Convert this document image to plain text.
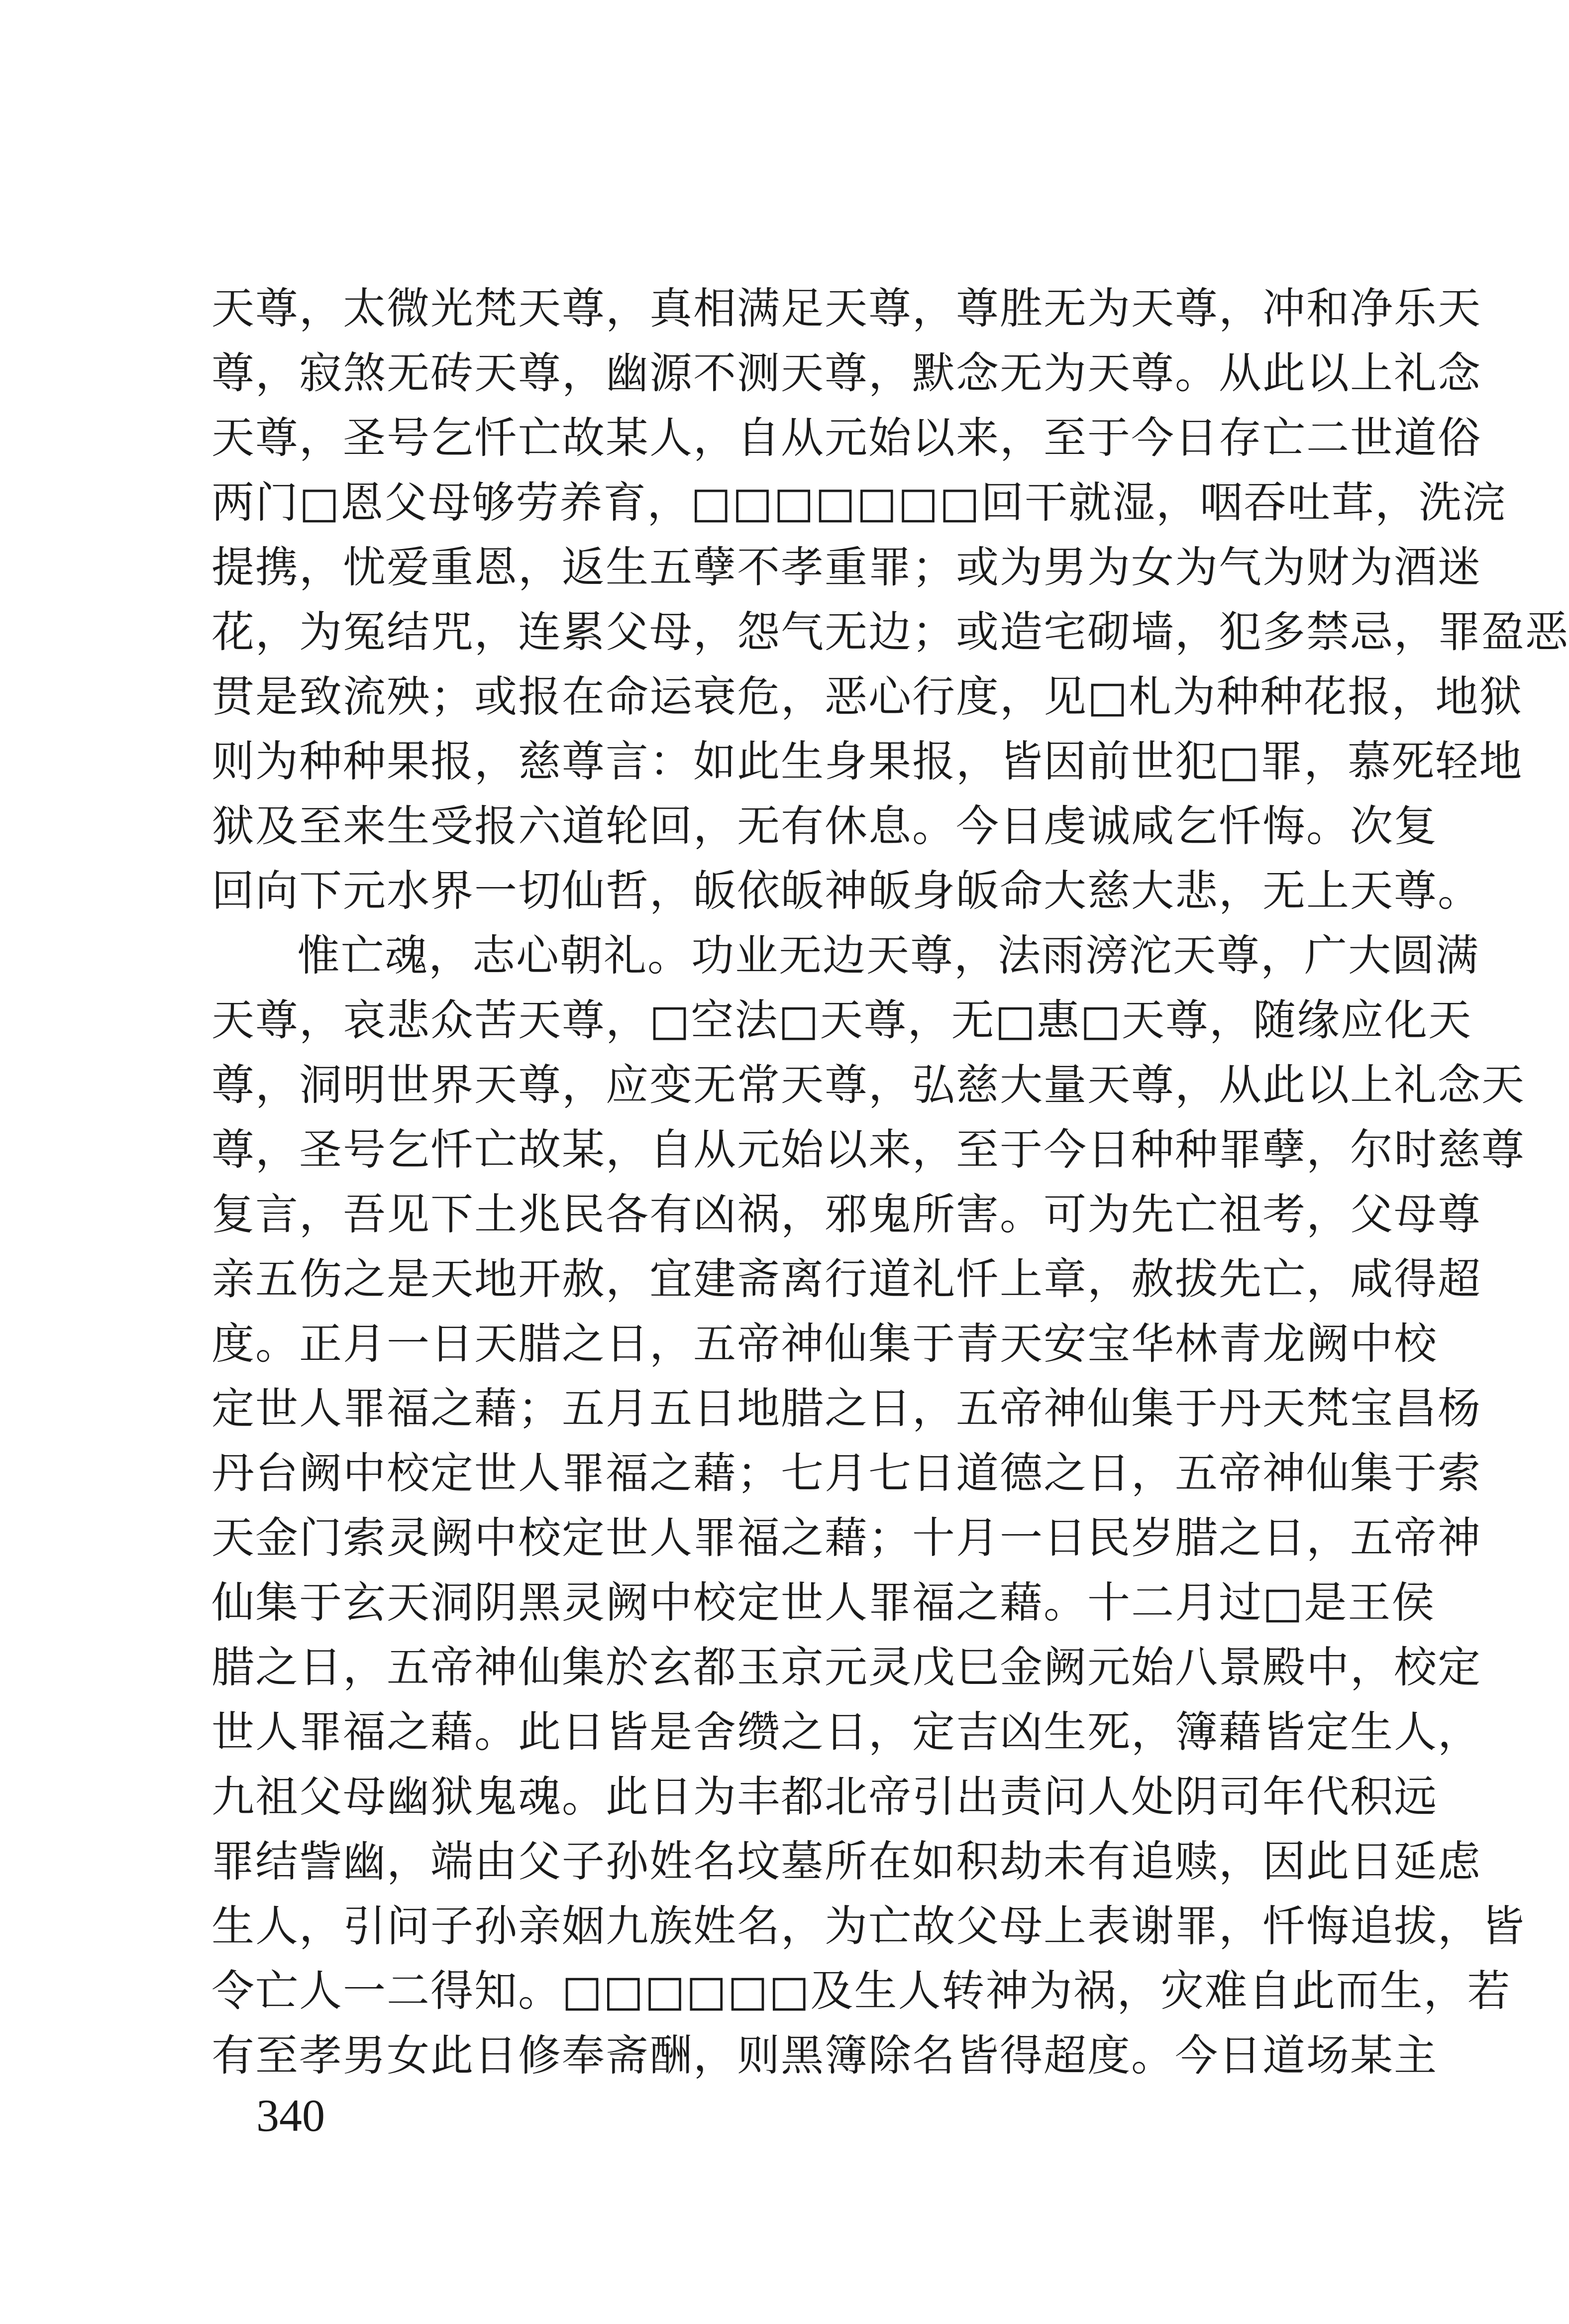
天尊，太微光梵天尊，真相满足天尊，尊胜无为天尊，冲和净乐天
尊，寂煞无砖天尊，幽源不测天尊，默念无为天尊。从此以上礼念
天尊，圣号乞忏亡故某人，自从元始以来，至于今日存亡二世道俗
两门□恩父母够劳养育，□□□□□□□回干就湿，咽吞吐茸，洗浣
提携，忧爱重恩，返生五孽不孝重罪；或为男为女为气为财为酒迷
花，为冤结咒，连累父母，怨气无边；或造宅砌墙，犯多禁忌，罪盈恶
贯是致流殃；或报在命运衰危，恶心行度，见□札为种种花报，地狱
则为种种果报，慈尊言：如此生身果报，皆因前世犯□罪，慕死轻地
狱及至来生受报六道轮回，无有休息。今日虔诚咸乞忏悔。次复
回向下元水界一切仙哲，皈依皈神皈身皈命大慈大悲，无上天尊。
惟亡魂，志心朝礼。功业无边天尊，法雨滂沱天尊，广大圆满
天尊，哀悲众苦天尊，□空法□天尊，无□惠□天尊，随缘应化天
尊，洞明世界天尊，应变无常天尊，弘慈大量天尊，从此以上礼念天
尊，圣号乞忏亡故某，自从元始以来，至于今日种种罪孽，尔时慈尊
复言，吾见下土兆民各有凶祸，邪鬼所害。可为先亡祖考，父母尊
亲五伤之是天地开赦，宜建斋离行道礼忏上章，赦拔先亡，咸得超
度。正月一日天腊之日，五帝神仙集于青天安宝华林青龙阙中校
定世人罪福之藉；五月五日地腊之日，五帝神仙集于丹天梵宝昌杨
丹台阙中校定世人罪福之藉；七月七日道德之日，五帝神仙集于索
天金门索灵阙中校定世人罪福之藉；十月一日民岁腊之日，五帝神
仙集于玄天洞阴黑灵阙中校定世人罪福之藉。十二月过□是王侯
腊之日，五帝神仙集於玄都玉京元灵戊巳金阙元始八景殿中，校定
世人罪福之藉。此日皆是舍缵之日，定吉凶生死，簿藉皆定生人，
九祖父母幽狱鬼魂。此日为丰都北帝引出责问人处阴司年代积远
罪结訾幽，端由父子孙姓名坟墓所在如积劫未有追赎，因此日延虑
生人，引问子孙亲姻九族姓名，为亡故父母上表谢罪，忏悔追拔，皆
令亡人一二得知。□□□□□□及生人转神为祸，灾难自此而生，若
有至孝男女此日修奉斋酬，则黑簿除名皆得超度。今日道场某主
340
